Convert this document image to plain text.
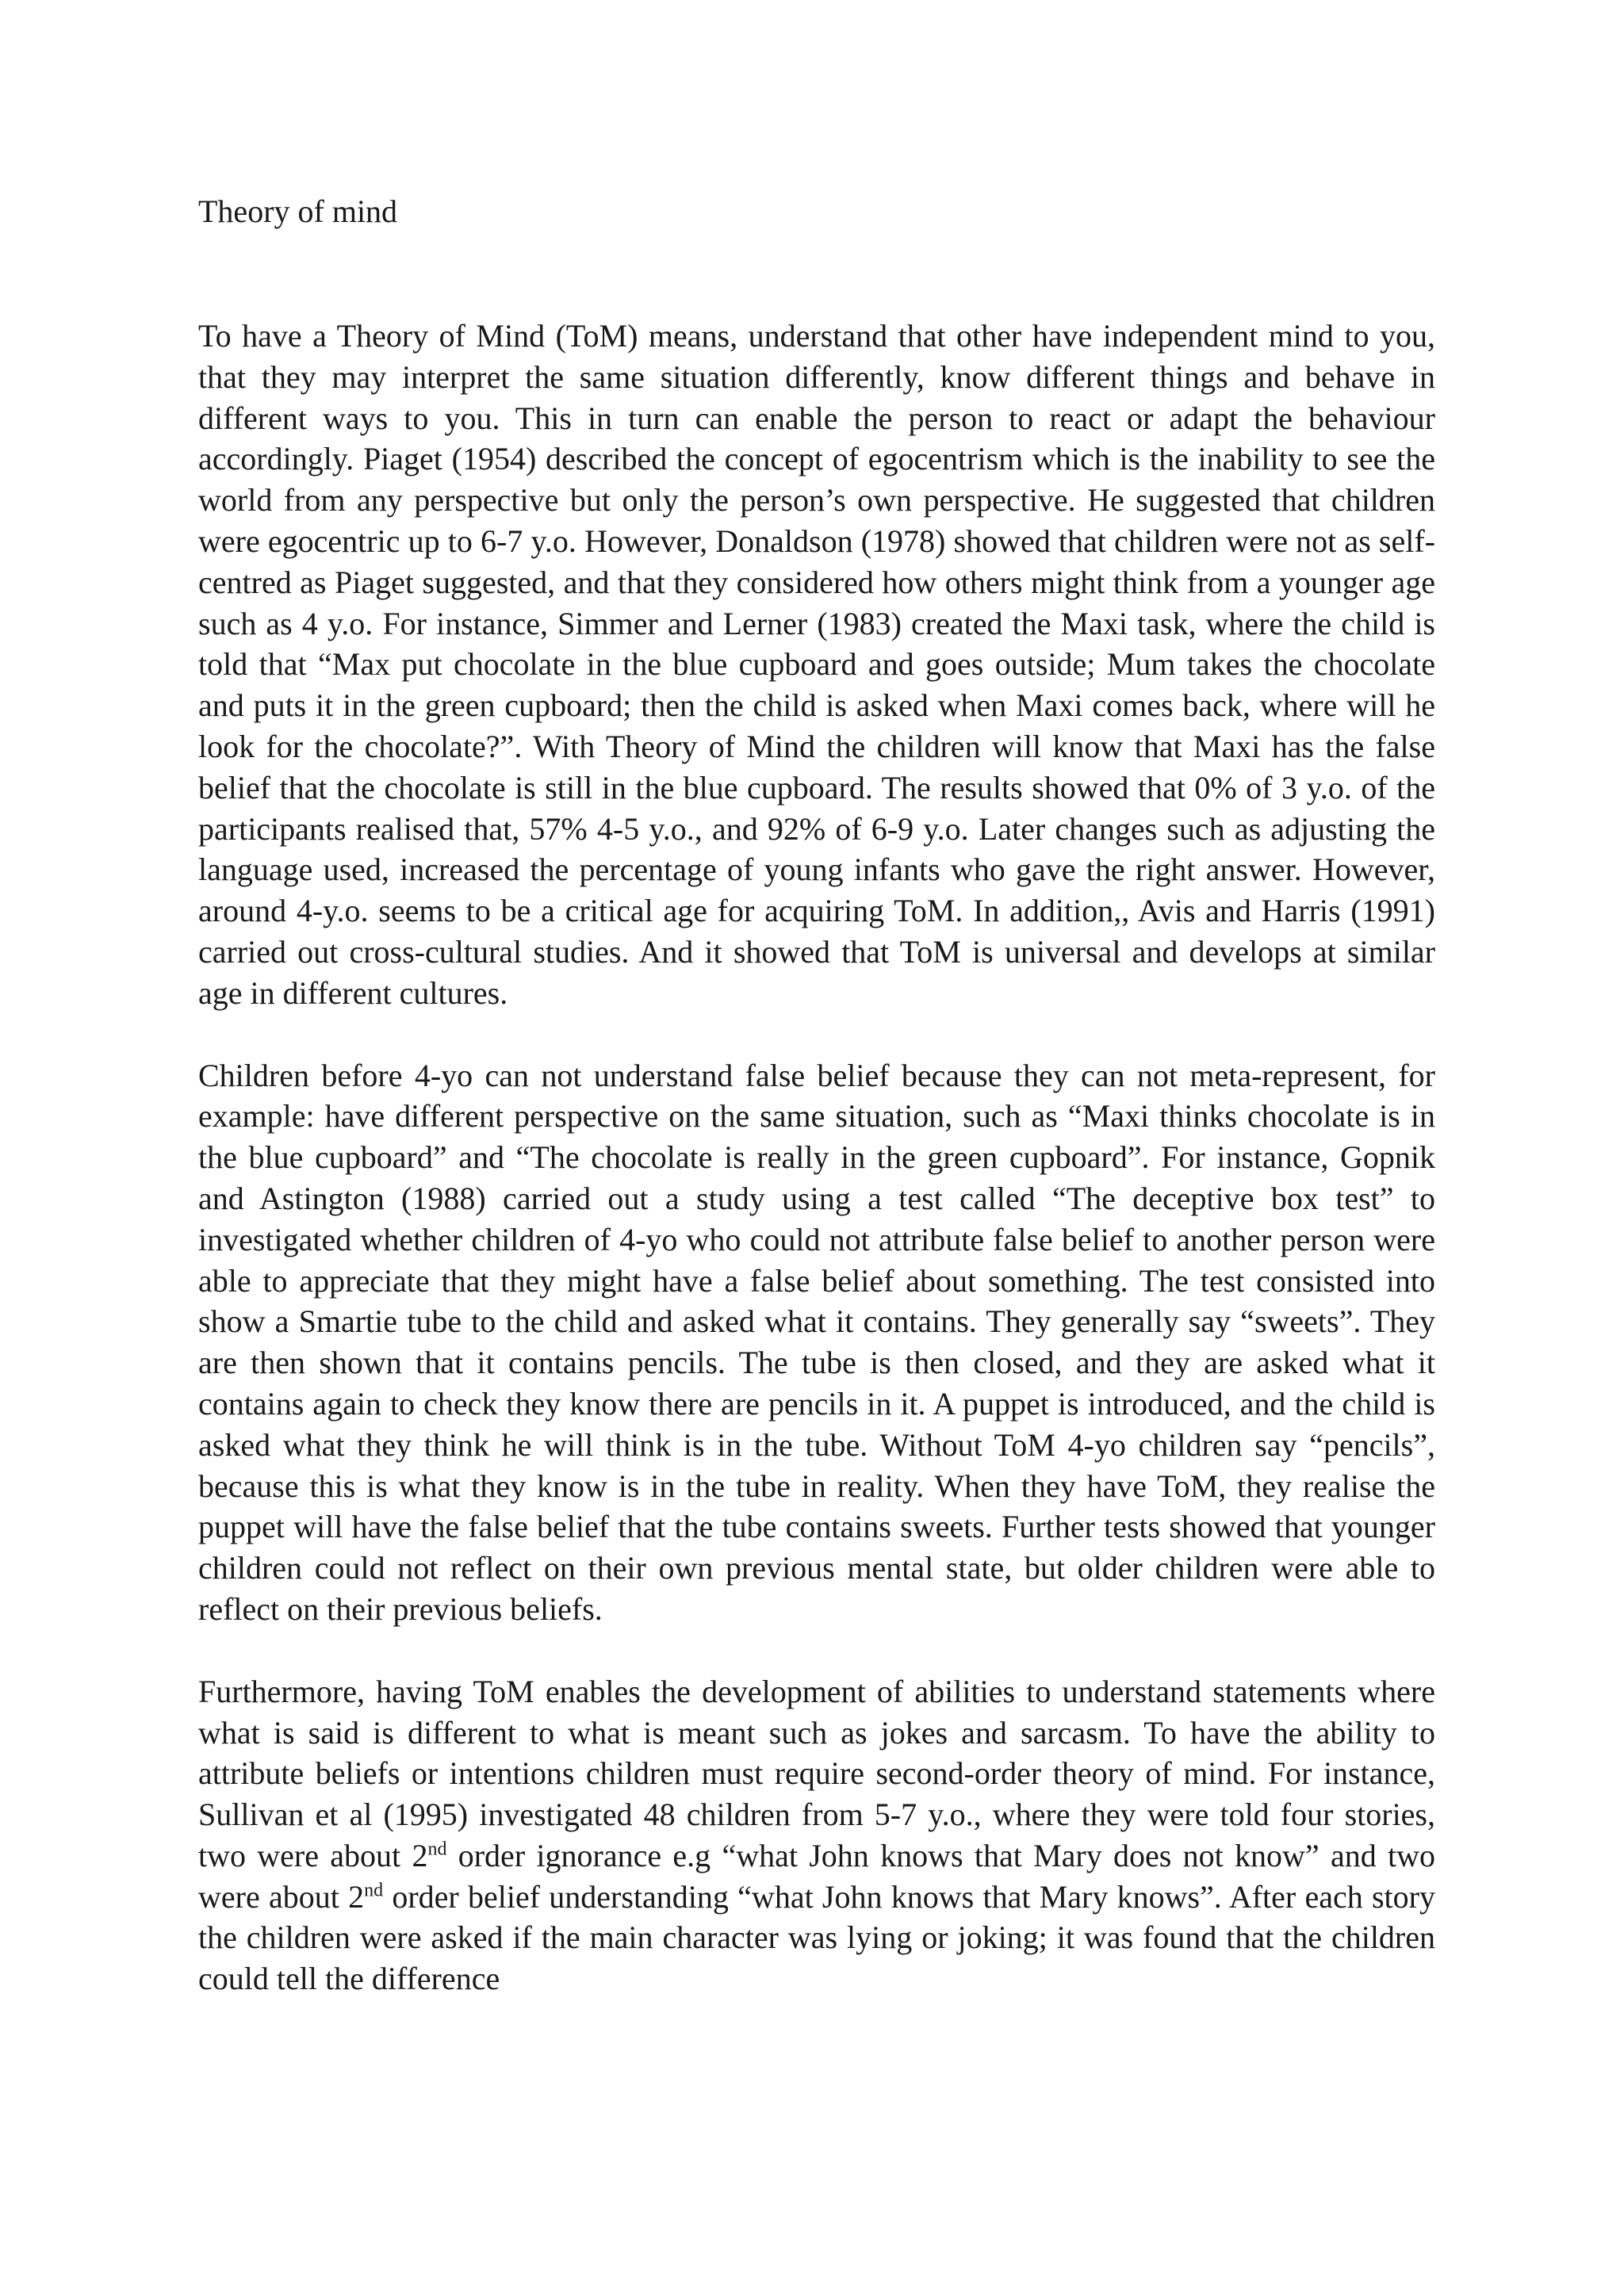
Theory of mind

To have a Theory of Mind (ToM) means, understand that other have independent mind to you, that they may interpret the same situation differently, know different things and behave in different ways to you. This in turn can enable the person to react or adapt the behaviour accordingly. Piaget (1954) described the concept of egocentrism which is the inability to see the world from any perspective but only the person’s own perspective. He suggested that children were egocentric up to 6-7 y.o. However, Donaldson (1978) showed that children were not as self-centred as Piaget suggested, and that they considered how others might think from a younger age such as 4 y.o. For instance, Simmer and Lerner (1983) created the Maxi task, where the child is told that “Max put chocolate in the blue cupboard and goes outside; Mum takes the chocolate and puts it in the green cupboard; then the child is asked when Maxi comes back, where will he look for the chocolate?”. With Theory of Mind the children will know that Maxi has the false belief that the chocolate is still in the blue cupboard. The results showed that 0% of 3 y.o. of the participants realised that, 57% 4-5 y.o., and 92% of 6-9 y.o. Later changes such as adjusting the language used, increased the percentage of young infants who gave the right answer. However, around 4-y.o. seems to be a critical age for acquiring ToM. In addition,, Avis and Harris (1991) carried out cross-cultural studies. And it showed that ToM is universal and develops at similar age in different cultures.

Children before 4-yo can not understand false belief because they can not meta-represent, for example: have different perspective on the same situation, such as “Maxi thinks chocolate is in the blue cupboard” and “The chocolate is really in the green cupboard”. For instance, Gopnik and Astington (1988) carried out a study using a test called “The deceptive box test” to investigated whether children of 4-yo who could not attribute false belief to another person were able to appreciate that they might have a false belief about something. The test consisted into show a Smartie tube to the child and asked what it contains. They generally say “sweets”. They are then shown that it contains pencils. The tube is then closed, and they are asked what it contains again to check they know there are pencils in it. A puppet is introduced, and the child is asked what they think he will think is in the tube. Without ToM 4-yo children say “pencils”, because this is what they know is in the tube in reality. When they have ToM, they realise the puppet will have the false belief that the tube contains sweets. Further tests showed that younger children could not reflect on their own previous mental state, but older children were able to reflect on their previous beliefs.

Furthermore, having ToM enables the development of abilities to understand statements where what is said is different to what is meant such as jokes and sarcasm. To have the ability to attribute beliefs or intentions children must require second-order theory of mind. For instance, Sullivan et al (1995) investigated 48 children from 5-7 y.o., where they were told four stories, two were about 2nd order ignorance e.g “what John knows that Mary does not know” and two were about 2nd order belief understanding “what John knows that Mary knows”. After each story the children were asked if the main character was lying or joking; it was found that the children could tell the difference
